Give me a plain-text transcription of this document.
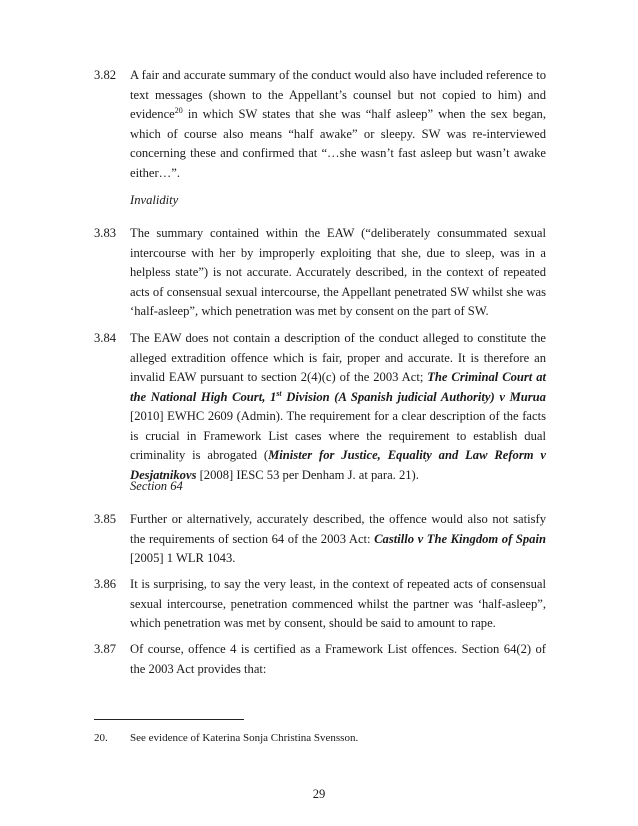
3.82	A fair and accurate summary of the conduct would also have included reference to text messages (shown to the Appellant’s counsel but not copied to him) and evidence$^{20}$ in which SW states that she was “half asleep” when the sex began, which of course also means “half awake” or sleepy. SW was re-interviewed concerning these and confirmed that “…she wasn’t fast asleep but wasn’t awake either…”.
Invalidity
3.83	The summary contained within the EAW (“deliberately consummated sexual intercourse with her by improperly exploiting that she, due to sleep, was in a helpless state”) is not accurate. Accurately described, in the context of repeated acts of consensual sexual intercourse, the Appellant penetrated SW whilst she was ‘half-asleep”, which penetration was met by consent on the part of SW.
3.84	The EAW does not contain a description of the conduct alleged to constitute the alleged extradition offence which is fair, proper and accurate. It is therefore an invalid EAW pursuant to section 2(4)(c) of the 2003 Act; The Criminal Court at the National High Court, 1st Division (A Spanish judicial Authority) v Murua [2010] EWHC 2609 (Admin). The requirement for a clear description of the facts is crucial in Framework List cases where the requirement to establish dual criminality is abrogated (Minister for Justice, Equality and Law Reform v Desjatnikovs [2008] IESC 53 per Denham J. at para. 21).
Section 64
3.85	Further or alternatively, accurately described, the offence would also not satisfy the requirements of section 64 of the 2003 Act: Castillo v The Kingdom of Spain [2005] 1 WLR 1043.
3.86	It is surprising, to say the very least, in the context of repeated acts of consensual sexual intercourse, penetration commenced whilst the partner was ‘half-asleep”, which penetration was met by consent, should be said to amount to rape.
3.87	Of course, offence 4 is certified as a Framework List offences. Section 64(2) of the 2003 Act provides that:
20. See evidence of Katerina Sonja Christina Svensson.
29
